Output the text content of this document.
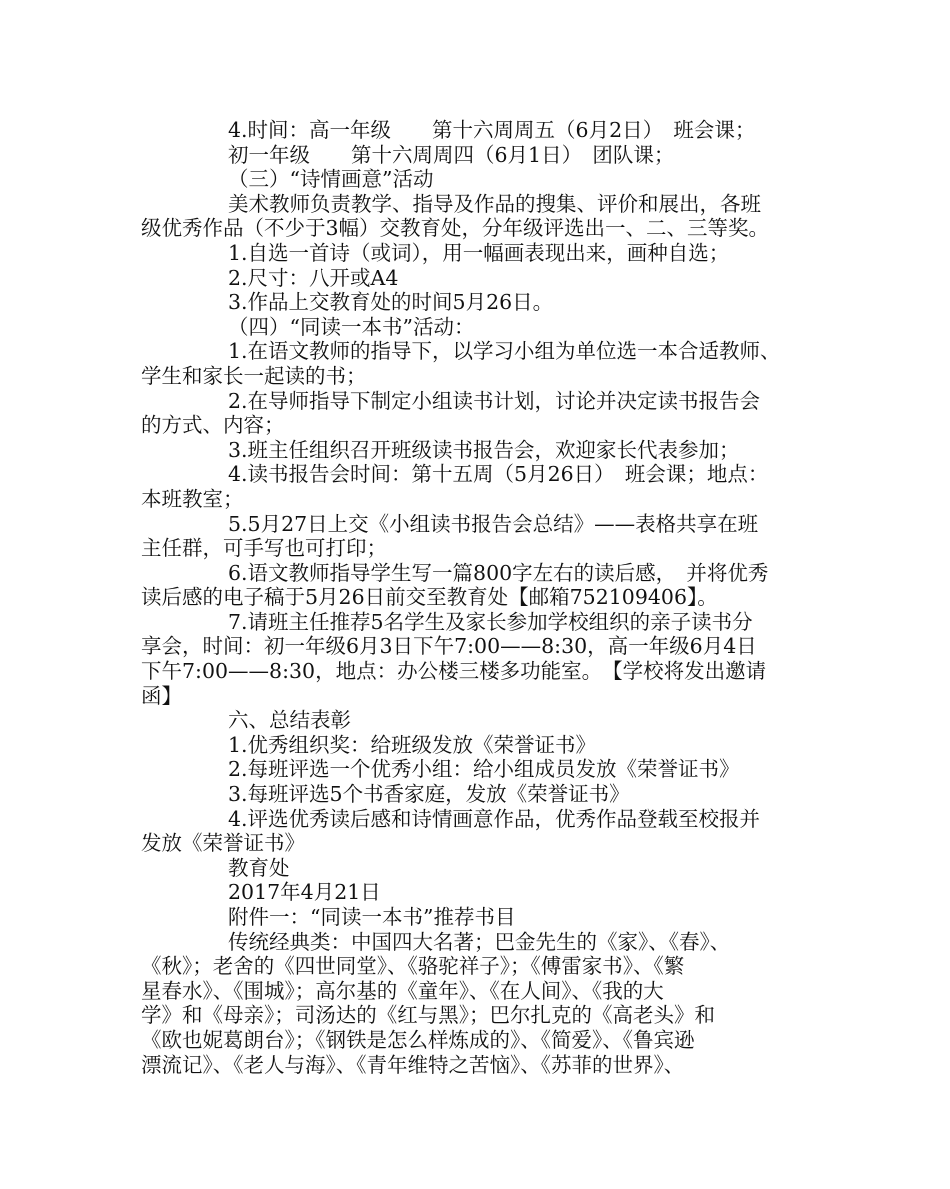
4.时间：高一年级　　第十六周周五（6月2日）　班会课；
初一年级　　第十六周周四（6月1日）　团队课；
（三）“诗情画意”活动
美术教师负责教学、指导及作品的搜集、评价和展出，各班
级优秀作品（不少于3幅）交教育处，分年级评选出一、二、三等奖。
1.自选一首诗（或词），用一幅画表现出来，画种自选；
2.尺寸：八开或A4
3.作品上交教育处的时间5月26日。
（四）“同读一本书”活动：
1.在语文教师的指导下，以学习小组为单位选一本合适教师、
学生和家长一起读的书；
2.在导师指导下制定小组读书计划，讨论并决定读书报告会
的方式、内容；
3.班主任组织召开班级读书报告会，欢迎家长代表参加；
4.读书报告会时间：第十五周（5月26日）　班会课；地点：
本班教室；
5.5月27日上交《小组读书报告会总结》——表格共享在班
主任群，可手写也可打印；
6.语文教师指导学生写一篇800字左右的读后感，　并将优秀
读后感的电子稿于5月26日前交至教育处【邮箱752109406】。
7.请班主任推荐5名学生及家长参加学校组织的亲子读书分
享会，时间：初一年级6月3日下午7:00——8:30，高一年级6月4日
下午7:00——8:30，地点：办公楼三楼多功能室。　【学校将发出邀请
函】
六、总结表彰
1.优秀组织奖：给班级发放《荣誉证书》
2.每班评选一个优秀小组：给小组成员发放《荣誉证书》
3.每班评选5个书香家庭，发放《荣誉证书》
4.评选优秀读后感和诗情画意作品，优秀作品登载至校报并
发放《荣誉证书》
教育处
2017年4月21日
附件一：“同读一本书”推荐书目
传统经典类：中国四大名著；巴金先生的《家》、《春》、
《秋》；老舍的《四世同堂》、《骆驼祥子》；《傅雷家书》、《繁
星春水》、《围城》；高尔基的《童年》、《在人间》、《我的大
学》和《母亲》；司汤达的《红与黑》；巴尔扎克的《高老头》和
《欧也妮葛朗台》；《钢铁是怎么样炼成的》、《简爱》、《鲁宾逊
漂流记》、《老人与海》、《青年维特之苦恼》、《苏菲的世界》、
